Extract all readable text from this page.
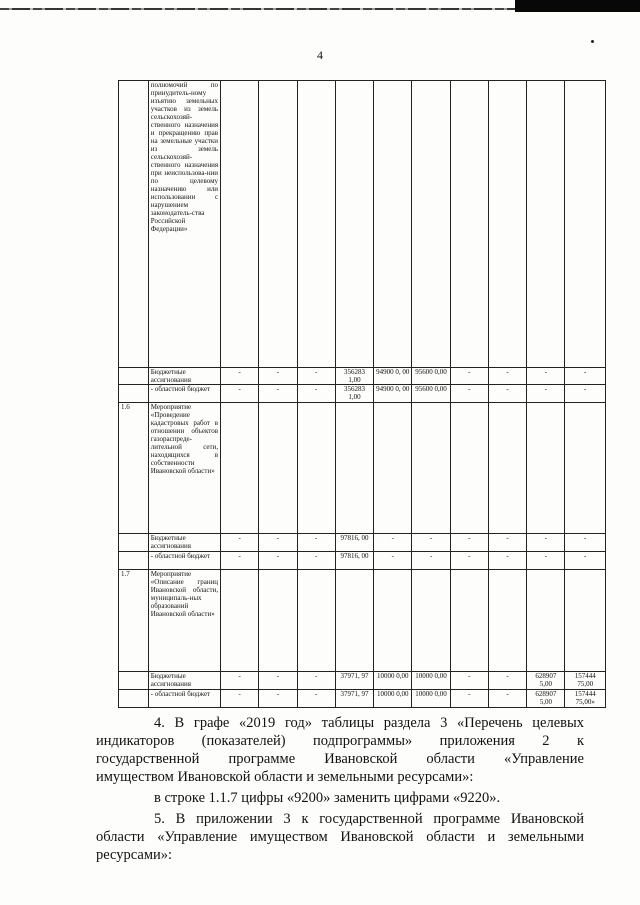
4
	полномочий по принудитель-ному изъятию земельных участков из земель сельскохозяй-ственного назначения и прекращению прав на земельные участки из земель сельскохозяй-ственного назначения при неиспользова-нии по целевому назначению или использовании с нарушением законодатель-ства Российской Федерации»										
	Бюджетные ассигнования	-	-	-	356283 1,00	94900 0, 00	95600 0,00	-	-	-	-
	- областной бюджет	-	-	-	356283 1,00	94900 0, 00	95600 0,00	-	-	-	-
1.6	Мероприятие «Проведение кадастровых работ в отношении объектов газораспреде-лительной сети, находящихся в собственности Ивановской области»										
	Бюджетные ассигнования	-	-	-	97816, 00	-	-	-	-	-	-
	- областной бюджет	-	-	-	97816, 00	-	-	-	-	-	-
1.7	Мероприятие «Описание границ Ивановской области, муниципаль-ных образований Ивановской области»										
	Бюджетные ассигнования	-	-	-	37971, 97	10000 0,00	10000 0,00	-	-	628907 5,00	157444 75,00
	- областной бюджет	-	-	-	37971, 97	10000 0,00	10000 0,00	-	-	628907 5,00	157444 75,00»

4. В графе «2019 год» таблицы раздела 3 «Перечень целевых

индикаторов (показателей) подпрограммы» приложения 2 к

государственной программе Ивановской области «Управление

имуществом Ивановской области и земельными ресурсами»:

в строке 1.1.7 цифры «9200» заменить цифрами «9220».

5. В приложении 3 к государственной программе Ивановской

области «Управление имуществом Ивановской области и земельными

ресурсами»:
